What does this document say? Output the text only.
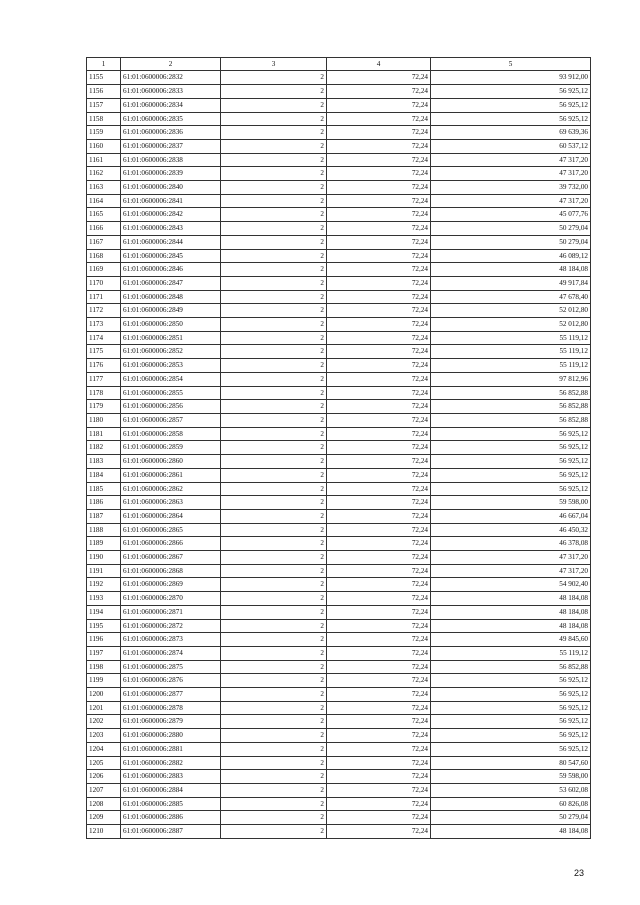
1	2	3	4	5
1155	61:01:0600006:2832	2	72,24	93 912,00
1156	61:01:0600006:2833	2	72,24	56 925,12
1157	61:01:0600006:2834	2	72,24	56 925,12
1158	61:01:0600006:2835	2	72,24	56 925,12
1159	61:01:0600006:2836	2	72,24	69 639,36
1160	61:01:0600006:2837	2	72,24	60 537,12
1161	61:01:0600006:2838	2	72,24	47 317,20
1162	61:01:0600006:2839	2	72,24	47 317,20
1163	61:01:0600006:2840	2	72,24	39 732,00
1164	61:01:0600006:2841	2	72,24	47 317,20
1165	61:01:0600006:2842	2	72,24	45 077,76
1166	61:01:0600006:2843	2	72,24	50 279,04
1167	61:01:0600006:2844	2	72,24	50 279,04
1168	61:01:0600006:2845	2	72,24	46 089,12
1169	61:01:0600006:2846	2	72,24	48 184,08
1170	61:01:0600006:2847	2	72,24	49 917,84
1171	61:01:0600006:2848	2	72,24	47 678,40
1172	61:01:0600006:2849	2	72,24	52 012,80
1173	61:01:0600006:2850	2	72,24	52 012,80
1174	61:01:0600006:2851	2	72,24	55 119,12
1175	61:01:0600006:2852	2	72,24	55 119,12
1176	61:01:0600006:2853	2	72,24	55 119,12
1177	61:01:0600006:2854	2	72,24	97 812,96
1178	61:01:0600006:2855	2	72,24	56 852,88
1179	61:01:0600006:2856	2	72,24	56 852,88
1180	61:01:0600006:2857	2	72,24	56 852,88
1181	61:01:0600006:2858	2	72,24	56 925,12
1182	61:01:0600006:2859	2	72,24	56 925,12
1183	61:01:0600006:2860	2	72,24	56 925,12
1184	61:01:0600006:2861	2	72,24	56 925,12
1185	61:01:0600006:2862	2	72,24	56 925,12
1186	61:01:0600006:2863	2	72,24	59 598,00
1187	61:01:0600006:2864	2	72,24	46 667,04
1188	61:01:0600006:2865	2	72,24	46 450,32
1189	61:01:0600006:2866	2	72,24	46 378,08
1190	61:01:0600006:2867	2	72,24	47 317,20
1191	61:01:0600006:2868	2	72,24	47 317,20
1192	61:01:0600006:2869	2	72,24	54 902,40
1193	61:01:0600006:2870	2	72,24	48 184,08
1194	61:01:0600006:2871	2	72,24	48 184,08
1195	61:01:0600006:2872	2	72,24	48 184,08
1196	61:01:0600006:2873	2	72,24	49 845,60
1197	61:01:0600006:2874	2	72,24	55 119,12
1198	61:01:0600006:2875	2	72,24	56 852,88
1199	61:01:0600006:2876	2	72,24	56 925,12
1200	61:01:0600006:2877	2	72,24	56 925,12
1201	61:01:0600006:2878	2	72,24	56 925,12
1202	61:01:0600006:2879	2	72,24	56 925,12
1203	61:01:0600006:2880	2	72,24	56 925,12
1204	61:01:0600006:2881	2	72,24	56 925,12
1205	61:01:0600006:2882	2	72,24	80 547,60
1206	61:01:0600006:2883	2	72,24	59 598,00
1207	61:01:0600006:2884	2	72,24	53 602,08
1208	61:01:0600006:2885	2	72,24	60 826,08
1209	61:01:0600006:2886	2	72,24	50 279,04
1210	61:01:0600006:2887	2	72,24	48 184,08
23
